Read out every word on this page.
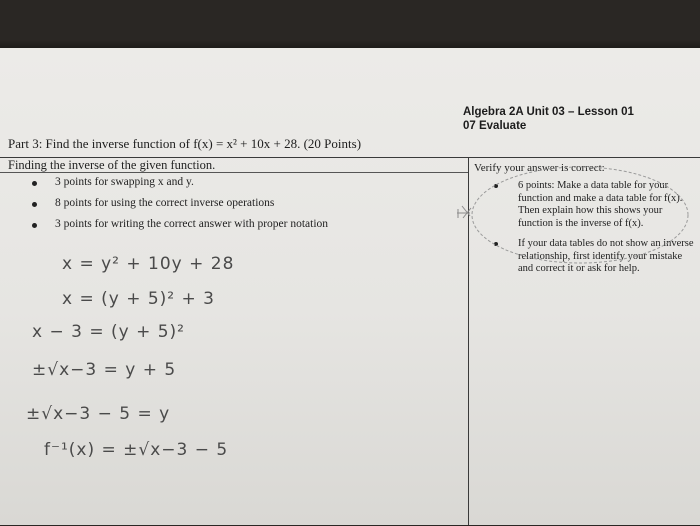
Algebra 2A Unit 03 – Lesson 01
07 Evaluate
Part 3: Find the inverse function of f(x) = x² + 10x + 28. (20 Points)
Finding the inverse of the given function.
3 points for swapping x and y.
8 points for using the correct inverse operations
3 points for writing the correct answer with proper notation
Verify your answer is correct:
6 points: Make a data table for your function and make a data table for f(x). Then explain how this shows your function is the inverse of f(x).
If your data tables do not show an inverse relationship, first identify your mistake and correct it or ask for help.
x = y² + 10y + 28
x = (y + 5)² + 3
x − 3 = (y + 5)²
±√x−3 = y + 5
±√x−3 − 5 = y
f⁻¹(x) = ±√x−3 − 5
